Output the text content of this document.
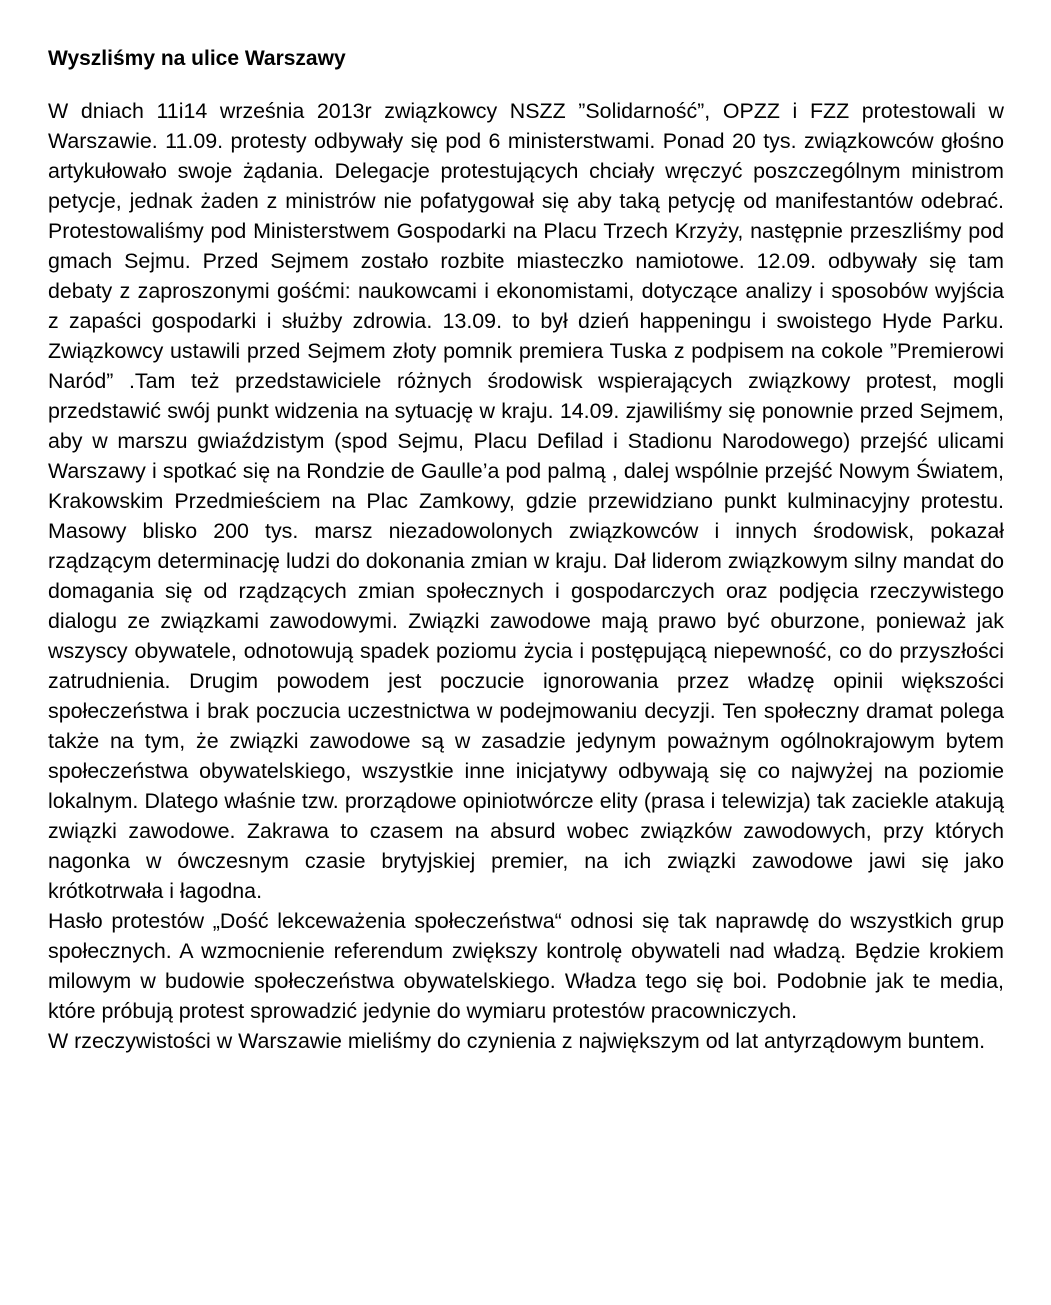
Wyszliśmy na ulice Warszawy

W dniach 11i14 września 2013r związkowcy NSZZ ”Solidarność”, OPZZ i FZZ protestowali w Warszawie. 11.09. protesty odbywały się pod 6 ministerstwami. Ponad 20 tys. związkowców głośno artykułowało swoje żądania. Delegacje protestujących chciały wręczyć poszczególnym ministrom petycje, jednak żaden z ministrów nie pofatygował się aby taką petycję od manifestantów odebrać. Protestowaliśmy pod Ministerstwem Gospodarki na Placu Trzech Krzyży, następnie przeszliśmy pod gmach Sejmu. Przed Sejmem zostało rozbite miasteczko namiotowe. 12.09. odbywały się tam debaty z zaproszonymi gośćmi: naukowcami i ekonomistami, dotyczące analizy i sposobów wyjścia z zapaści gospodarki i służby zdrowia. 13.09. to był dzień happeningu i swoistego Hyde Parku. Związkowcy ustawili przed Sejmem złoty pomnik premiera Tuska z podpisem na cokole ”Premierowi Naród” .Tam też przedstawiciele różnych środowisk wspierających związkowy protest, mogli przedstawić swój punkt widzenia na sytuację w kraju. 14.09. zjawiliśmy się ponownie przed Sejmem, aby w marszu gwiaździstym (spod Sejmu, Placu Defilad i Stadionu Narodowego) przejść ulicami Warszawy i spotkać się na Rondzie de Gaulle’a pod palmą , dalej wspólnie przejść Nowym Światem, Krakowskim Przedmieściem na Plac Zamkowy, gdzie przewidziano punkt kulminacyjny protestu. Masowy blisko 200 tys. marsz niezadowolonych związkowców i innych środowisk, pokazał rządzącym determinację ludzi do dokonania zmian w kraju. Dał liderom związkowym silny mandat do domagania się od rządzących zmian społecznych i gospodarczych oraz podjęcia rzeczywistego dialogu ze związkami zawodowymi. Związki zawodowe mają prawo być oburzone, ponieważ jak wszyscy obywatele, odnotowują spadek poziomu życia i postępującą niepewność, co do przyszłości zatrudnienia. Drugim powodem jest poczucie ignorowania przez władzę opinii większości społeczeństwa i brak poczucia uczestnictwa w podejmowaniu decyzji. Ten społeczny dramat polega także na tym, że związki zawodowe są w zasadzie jedynym poważnym ogólnokrajowym bytem społeczeństwa obywatelskiego, wszystkie inne inicjatywy odbywają się co najwyżej na poziomie lokalnym. Dlatego właśnie tzw. prorządowe opiniotwórcze elity (prasa i telewizja) tak zaciekle atakują związki zawodowe. Zakrawa to czasem na absurd wobec związków zawodowych, przy których nagonka w ówczesnym czasie brytyjskiej premier, na ich związki zawodowe jawi się jako krótkotrwała i łagodna.

Hasło protestów „Dość lekceważenia społeczeństwa“ odnosi się tak naprawdę do wszystkich grup społecznych. A wzmocnienie referendum zwiększy kontrolę obywateli nad władzą. Będzie krokiem milowym w budowie społeczeństwa obywatelskiego. Władza tego się boi. Podobnie jak te media, które próbują protest sprowadzić jedynie do wymiaru protestów pracowniczych.

W rzeczywistości w Warszawie mieliśmy do czynienia z największym od lat antyrządowym buntem.
